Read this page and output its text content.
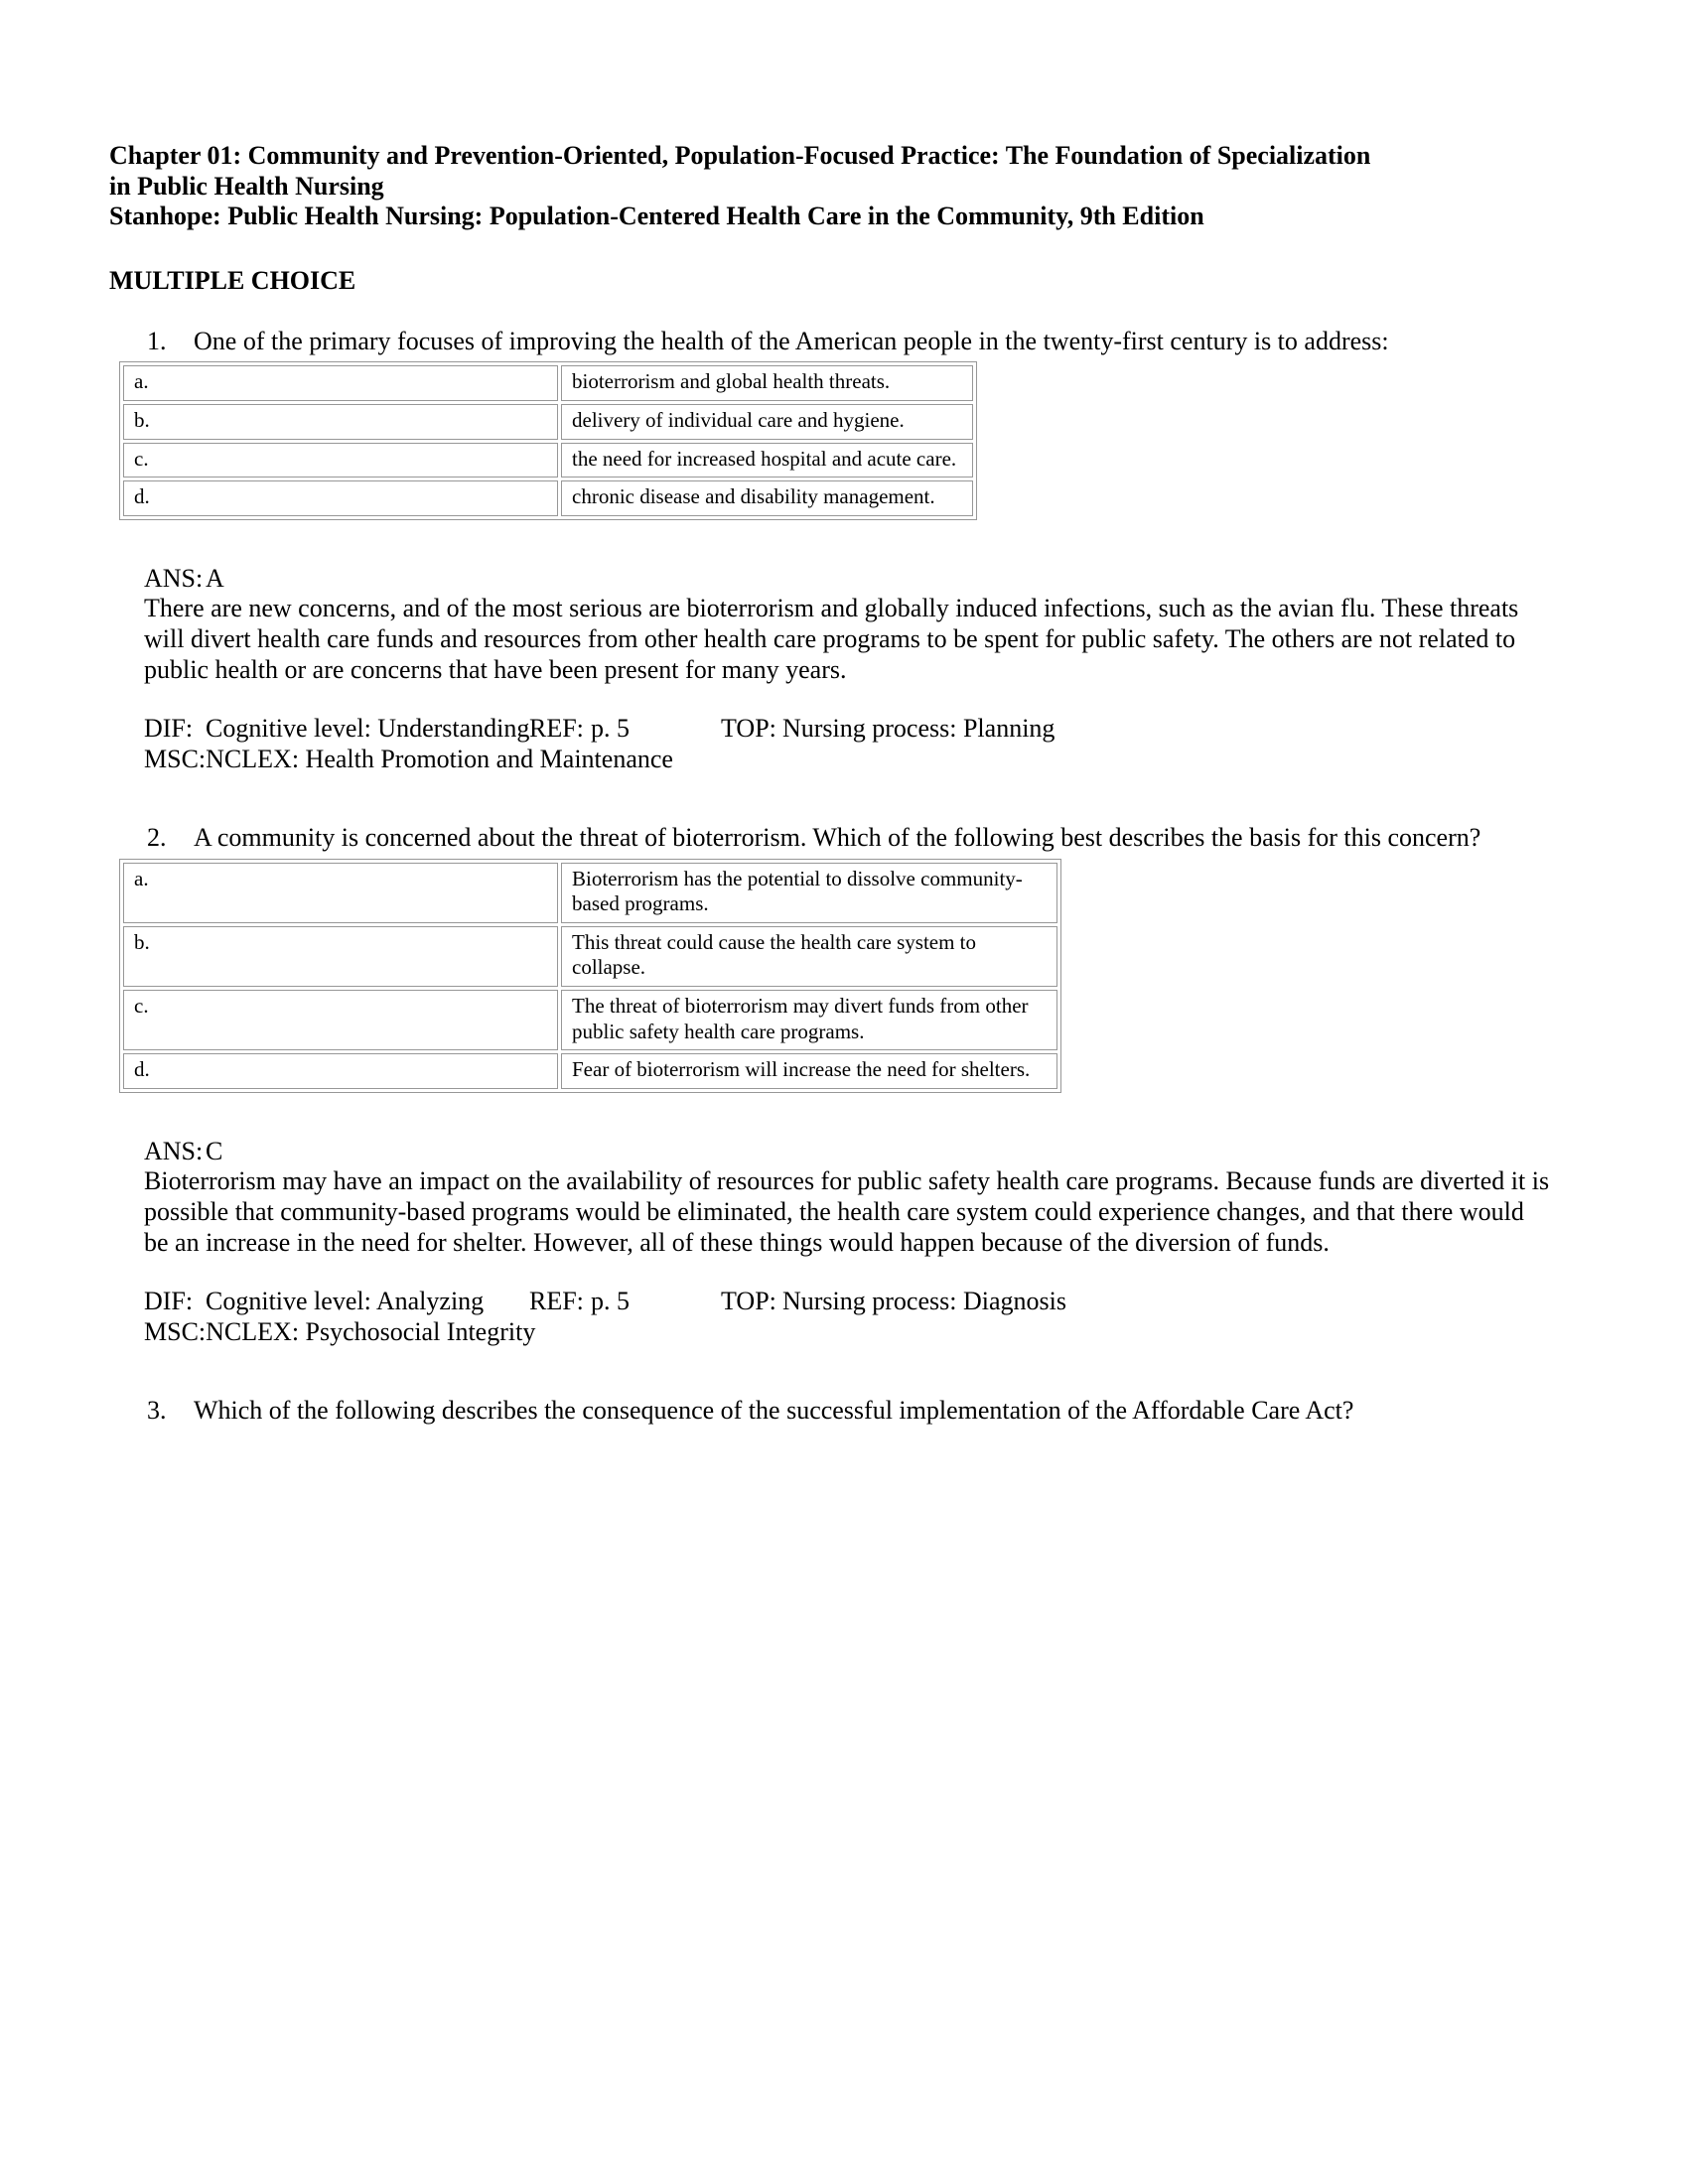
Chapter 01: Community and Prevention-Oriented, Population-Focused Practice: The Foundation of Specialization in Public Health Nursing
Stanhope: Public Health Nursing: Population-Centered Health Care in the Community, 9th Edition
MULTIPLE CHOICE
1.	One of the primary focuses of improving the health of the American people in the twenty-first century is to address:
a.	bioterrorism and global health threats.
b.	delivery of individual care and hygiene.
c.	the need for increased hospital and acute care.
d.	chronic disease and disability management.
ANS: A
There are new concerns, and of the most serious are bioterrorism and globally induced infections, such as the avian flu. These threats will divert health care funds and resources from other health care programs to be spent for public safety. The others are not related to public health or are concerns that have been present for many years.
DIF: Cognitive level: UnderstandingREF: p. 5	TOP: Nursing process: Planning
MSC:NCLEX: Health Promotion and Maintenance
2.	A community is concerned about the threat of bioterrorism. Which of the following best describes the basis for this concern?
a.	Bioterrorism has the potential to dissolve community-based programs.
b.	This threat could cause the health care system to collapse.
c.	The threat of bioterrorism may divert funds from other public safety health care programs.
d.	Fear of bioterrorism will increase the need for shelters.
ANS: C
Bioterrorism may have an impact on the availability of resources for public safety health care programs. Because funds are diverted it is possible that community-based programs would be eliminated, the health care system could experience changes, and that there would be an increase in the need for shelter. However, all of these things would happen because of the diversion of funds.
DIF: Cognitive level: Analyzing REF: p. 5	TOP: Nursing process: Diagnosis
MSC:NCLEX: Psychosocial Integrity
3.	Which of the following describes the consequence of the successful implementation of the Affordable Care Act?
